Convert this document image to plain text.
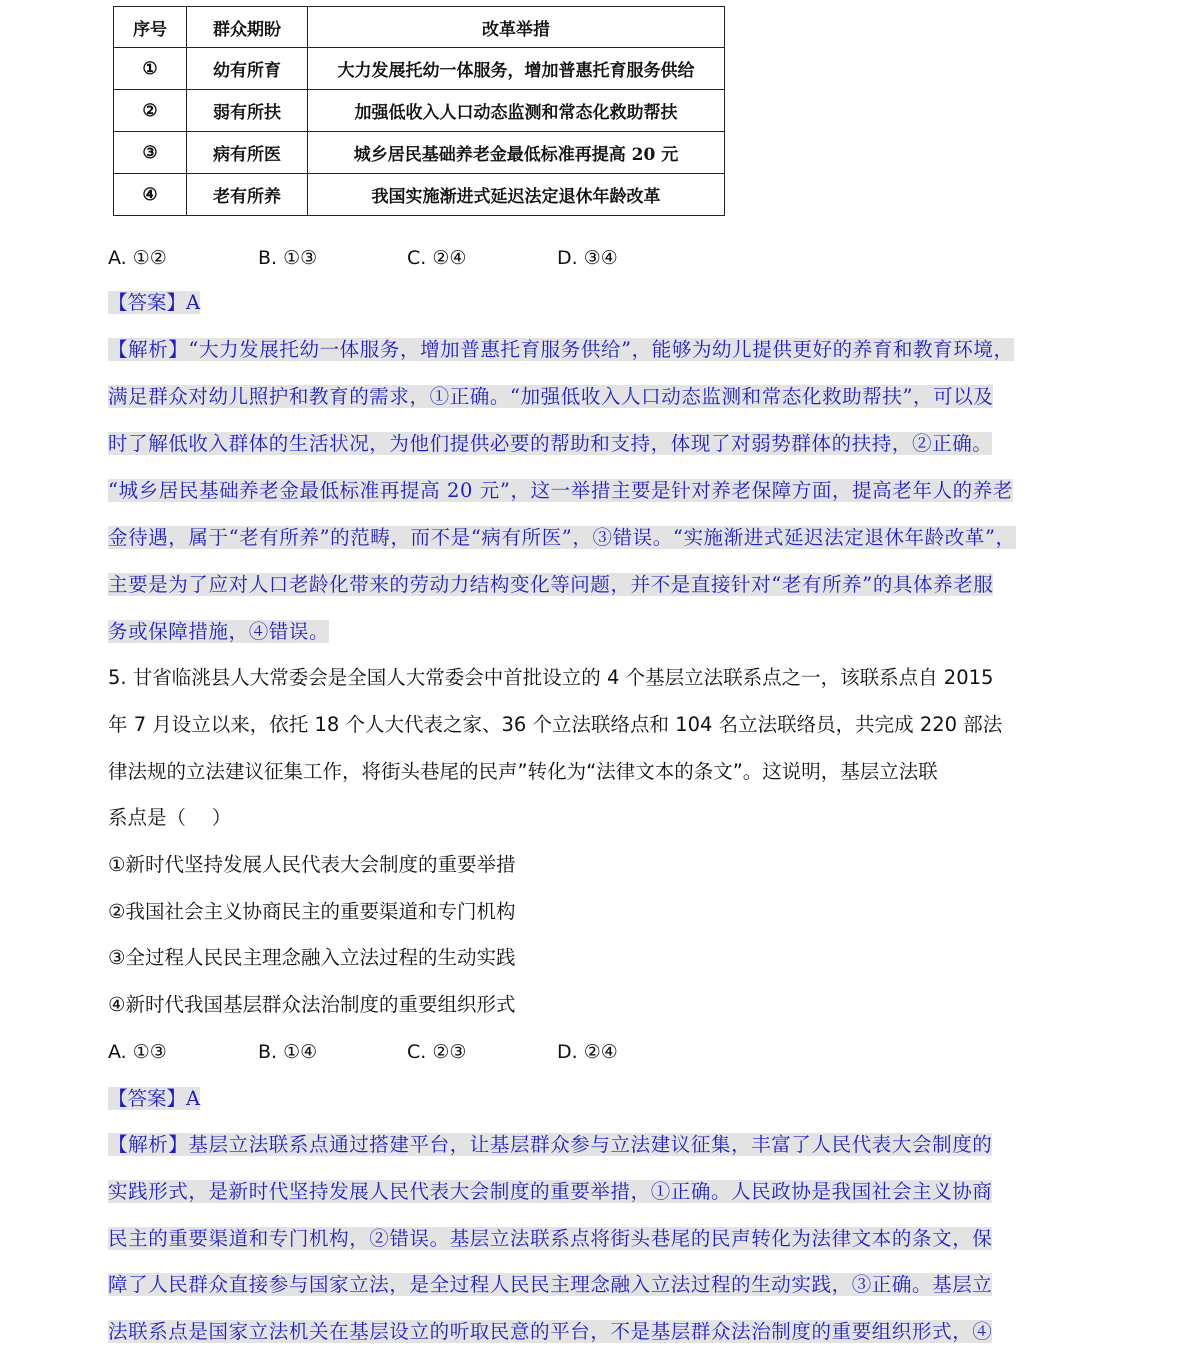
序号	群众期盼	改革举措
①	幼有所育	大力发展托幼一体服务，增加普惠托育服务供给
②	弱有所扶	加强低收入人口动态监测和常态化救助帮扶
③	病有所医	城乡居民基础养老金最低标准再提高 20 元
④	老有所养	我国实施渐进式延迟法定退休年龄改革
A. ①②	B. ①③	C. ②④	D. ③④
【答案】A
【解析】“大力发展托幼一体服务，增加普惠托育服务供给”，能够为幼儿提供更好的养育和教育环境，
满足群众对幼儿照护和教育的需求，①正确。“加强低收入人口动态监测和常态化救助帮扶”，可以及
时了解低收入群体的生活状况，为他们提供必要的帮助和支持，体现了对弱势群体的扶持，②正确。
“城乡居民基础养老金最低标准再提高 20 元”，这一举措主要是针对养老保障方面，提高老年人的养老
金待遇，属于“老有所养”的范畴，而不是“病有所医”，③错误。“实施渐进式延迟法定退休年龄改革”，
主要是为了应对人口老龄化带来的劳动力结构变化等问题，并不是直接针对“老有所养”的具体养老服
务或保障措施，④错误。
5. 甘省临洮县人大常委会是全国人大常委会中首批设立的 4 个基层立法联系点之一，该联系点自 2015
年 7 月设立以来，依托 18 个人大代表之家、36 个立法联络点和 104 名立法联络员，共完成 220 部法
律法规的立法建议征集工作，将街头巷尾的民声”转化为“法律文本的条文”。这说明，基层立法联
系点是（　 ）
①新时代坚持发展人民代表大会制度的重要举措
②我国社会主义协商民主的重要渠道和专门机构
③全过程人民民主理念融入立法过程的生动实践
④新时代我国基层群众法治制度的重要组织形式
A. ①③	B. ①④	C. ②③	D. ②④
【答案】A
【解析】基层立法联系点通过搭建平台，让基层群众参与立法建议征集，丰富了人民代表大会制度的
实践形式，是新时代坚持发展人民代表大会制度的重要举措，①正确。人民政协是我国社会主义协商
民主的重要渠道和专门机构，②错误。基层立法联系点将街头巷尾的民声转化为法律文本的条文，保
障了人民群众直接参与国家立法，是全过程人民民主理念融入立法过程的生动实践，③正确。基层立
法联系点是国家立法机关在基层设立的听取民意的平台，不是基层群众法治制度的重要组织形式，④
